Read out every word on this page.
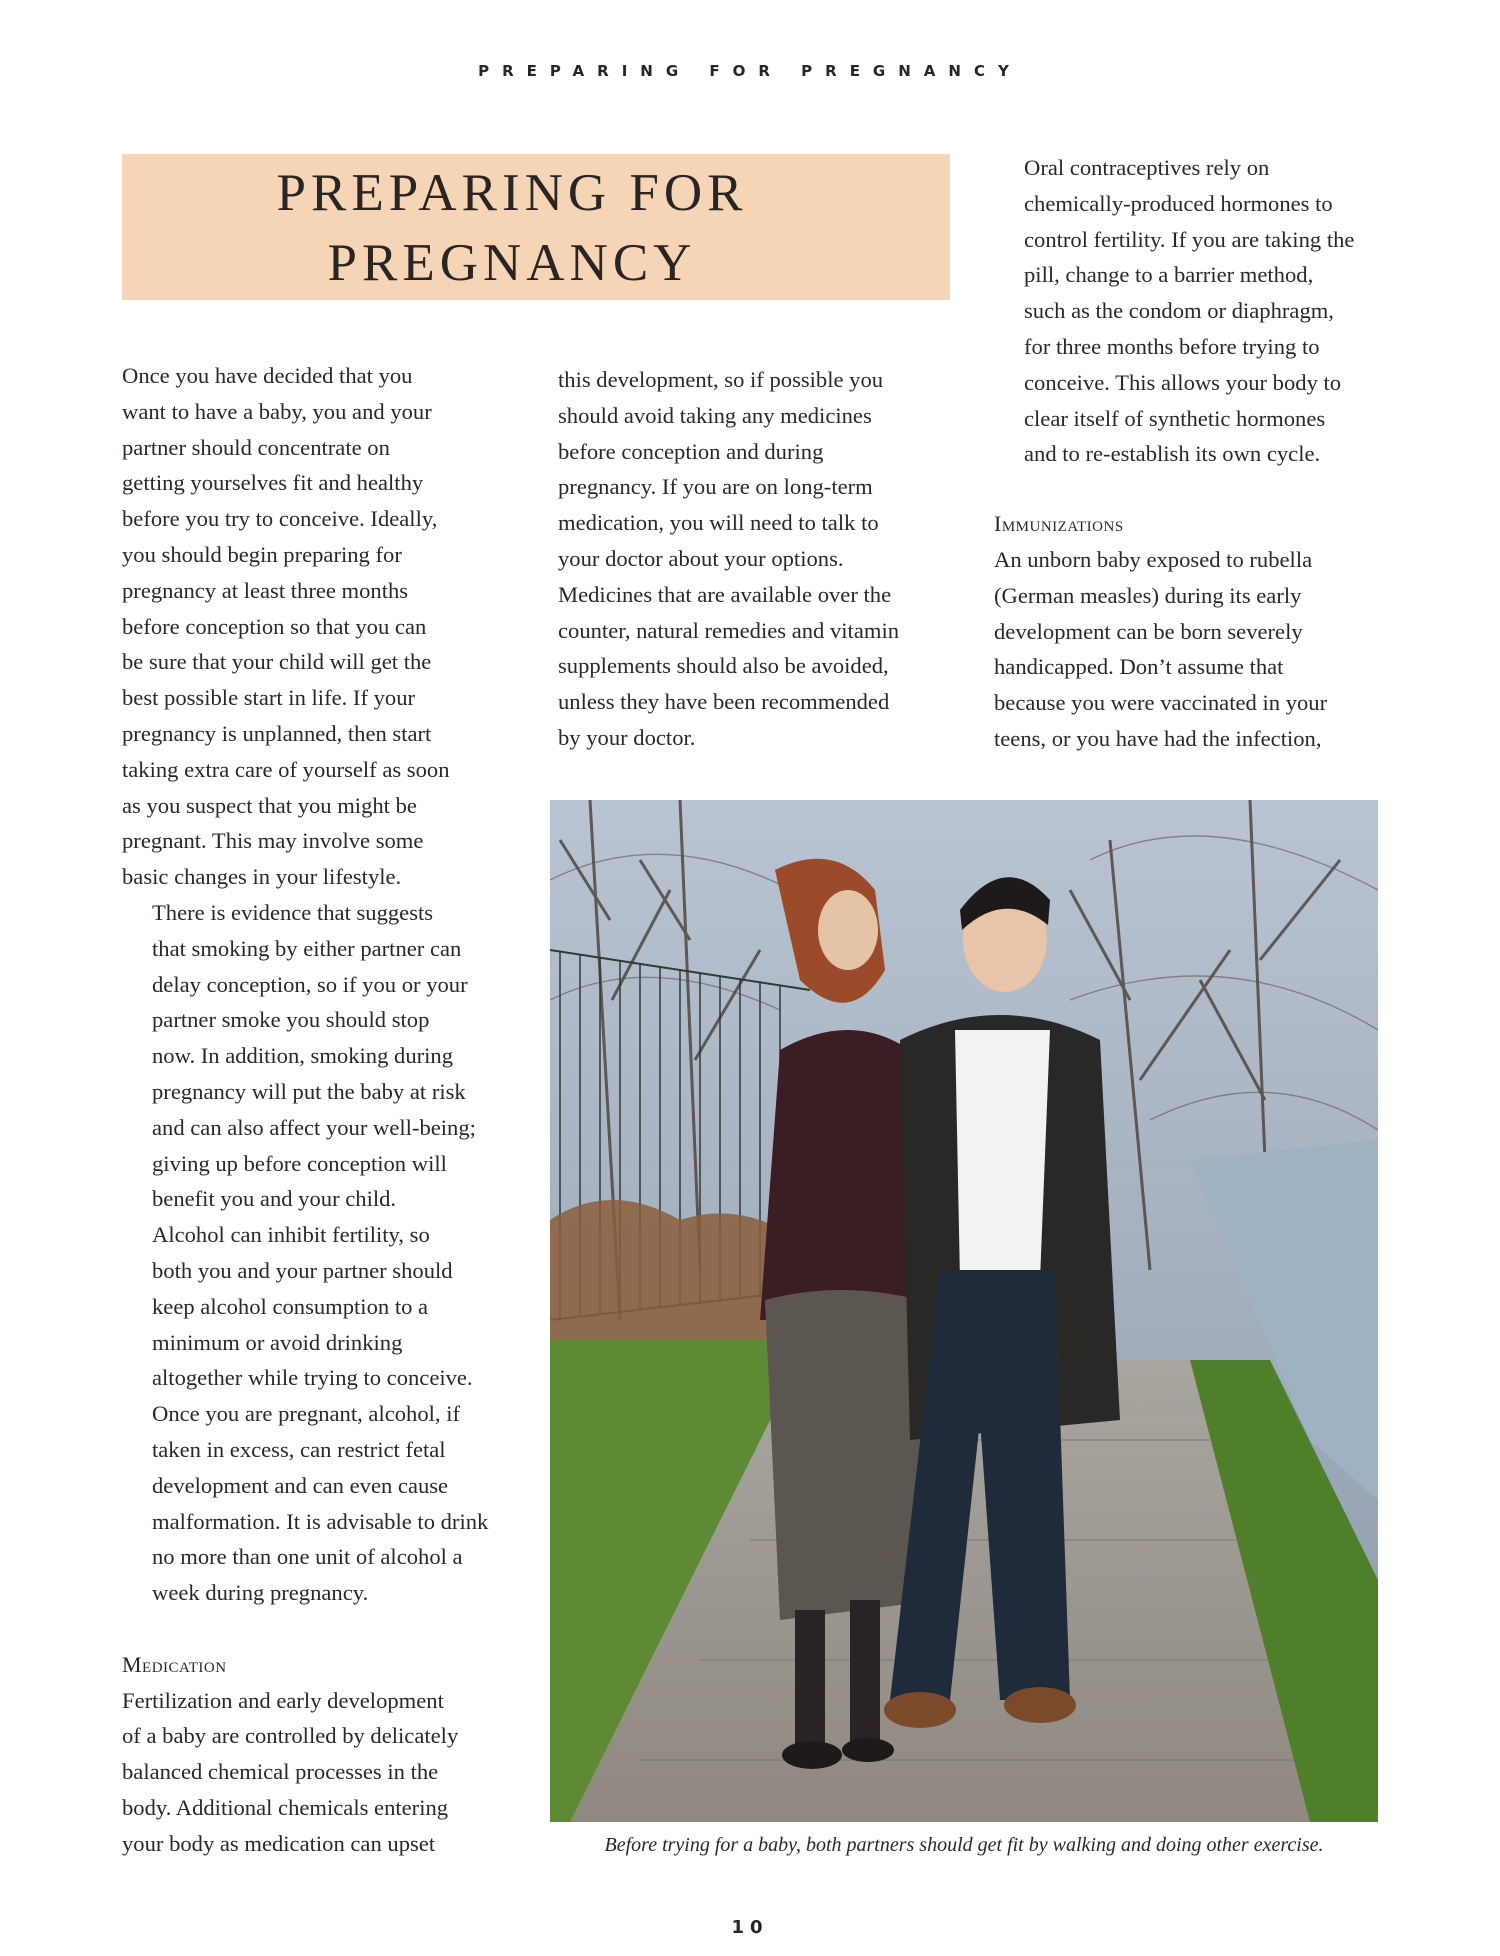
PREPARING FOR PREGNANCY
PREPARING FOR
PREGNANCY

Once you have decided that you
want to have a baby, you and your
partner should concentrate on
getting yourselves fit and healthy
before you try to conceive. Ideally,
you should begin preparing for
pregnancy at least three months
before conception so that you can
be sure that your child will get the
best possible start in life. If your
pregnancy is unplanned, then start
taking extra care of yourself as soon
as you suspect that you might be
pregnant. This may involve some
basic changes in your lifestyle.

There is evidence that suggests
that smoking by either partner can
delay conception, so if you or your
partner smoke you should stop
now. In addition, smoking during
pregnancy will put the baby at risk
and can also affect your well-being;
giving up before conception will
benefit you and your child.

Alcohol can inhibit fertility, so
both you and your partner should
keep alcohol consumption to a
minimum or avoid drinking
altogether while trying to conceive.
Once you are pregnant, alcohol, if
taken in excess, can restrict fetal
development and can even cause
malformation. It is advisable to drink
no more than one unit of alcohol a
week during pregnancy.

Medication

Fertilization and early development
of a baby are controlled by delicately
balanced chemical processes in the
body. Additional chemicals entering
your body as medication can upset

this development, so if possible you
should avoid taking any medicines
before conception and during
pregnancy. If you are on long-term
medication, you will need to talk to
your doctor about your options.
Medicines that are available over the
counter, natural remedies and vitamin
supplements should also be avoided,
unless they have been recommended
by your doctor.

Oral contraceptives rely on
chemically-produced hormones to
control fertility. If you are taking the
pill, change to a barrier method,
such as the condom or diaphragm,
for three months before trying to
conceive. This allows your body to
clear itself of synthetic hormones
and to re-establish its own cycle.

Immunizations

An unborn baby exposed to rubella
(German measles) during its early
development can be born severely
handicapped. Don’t assume that
because you were vaccinated in your
teens, or you have had the infection,

Before trying for a baby, both partners should get fit by walking and doing other exercise.
10
